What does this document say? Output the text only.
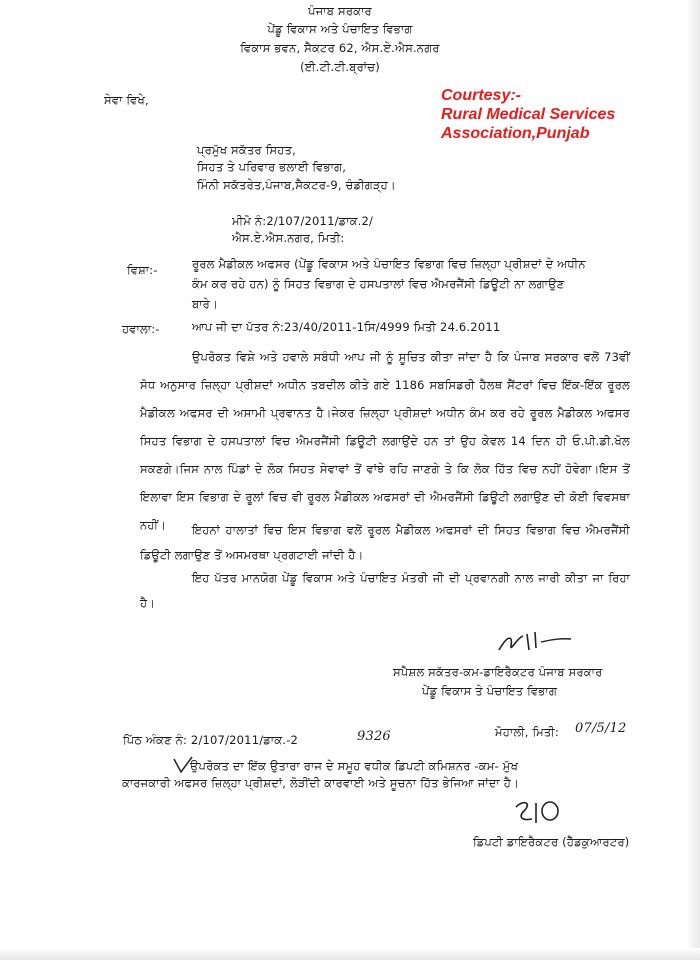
ਪੰਜਾਬ ਸਰਕਾਰ
ਪੇਂਡੂ ਵਿਕਾਸ ਅਤੇ ਪੰਚਾਇਤ ਵਿਭਾਗ
ਵਿਕਾਸ ਭਵਨ, ਸੈਕਟਰ 62, ਐਸ.ਏ.ਐਸ.ਨਗਰ
(ਈ.ਟੀ.ਟੀ.ਬ੍ਰਾਂਚ)
Courtesy:-
Rural Medical Services
Association,Punjab
ਸੇਵਾ ਵਿਖੇ,
ਪ੍ਰਮੁੱਖ ਸਕੱਤਰ ਸਿਹਤ,
ਸਿਹਤ ਤੇ ਪਰਿਵਾਰ ਭਲਾਈ ਵਿਭਾਗ,
ਮਿੰਨੀ ਸਕੱਤਰੇਤ,ਪੰਜਾਬ,ਸੈਕਟਰ-9, ਚੰਡੀਗੜ੍ਹ।
ਮੀਮੋ ਨੰ:2/107/2011/ਡਾਕ.2/
ਐਸ.ਏ.ਐਸ.ਨਗਰ, ਮਿਤੀ:
ਵਿਸ਼ਾ:-	ਰੂਰਲ ਮੈਡੀਕਲ ਅਫਸਰ (ਪੇਂਡੂ ਵਿਕਾਸ ਅਤੇ ਪੰਚਾਇਤ ਵਿਭਾਗ ਵਿਚ ਜ਼ਿਲ੍ਹਾ ਪ੍ਰੀਸ਼ਦਾਂ ਦੇ ਅਧੀਨ
ਕੰਮ ਕਰ ਰਹੇ ਹਨ) ਨੂੰ ਸਿਹਤ ਵਿਭਾਗ ਦੇ ਹਸਪਤਾਲਾਂ ਵਿਚ ਐਮਰਜੈਂਸੀ ਡਿਊਟੀ ਨਾ ਲਗਾਉਣ
ਬਾਰੇ।
ਹਵਾਲਾ:-	ਆਪ ਜੀ ਦਾ ਪੱਤਰ ਨੰ:23/40/2011-1ਸਿ/4999 ਮਿਤੀ 24.6.2011
ਉਪਰੋਕਤ ਵਿਸ਼ੇ ਅਤੇ ਹਵਾਲੇ ਸਬੰਧੀ ਆਪ ਜੀ ਨੂੰ ਸੂਚਿਤ ਕੀਤਾ ਜਾਂਦਾ ਹੈ ਕਿ ਪੰਜਾਬ ਸਰਕਾਰ ਵਲੋਂ 73ਵੀਂ ਸੋਧ ਅਨੁਸਾਰ ਜ਼ਿਲ੍ਹਾ ਪ੍ਰੀਸ਼ਦਾਂ ਅਧੀਨ ਤਬਦੀਲ ਕੀਤੇ ਗਏ 1186 ਸਬਸਿਡਰੀ ਹੈਲਥ ਸੈਂਟਰਾਂ ਵਿਚ ਇੱਕ-ਇੱਕ ਰੂਰਲ ਮੈਡੀਕਲ ਅਫਸਰ ਦੀ ਅਸਾਮੀ ਪ੍ਰਵਾਨਤ ਹੈ।ਜੇਕਰ ਜ਼ਿਲ੍ਹਾ ਪ੍ਰੀਸ਼ਦਾਂ ਅਧੀਨ ਕੰਮ ਕਰ ਰਹੇ ਰੂਰਲ ਮੈਡੀਕਲ ਅਫਸਰ ਸਿਹਤ ਵਿਭਾਗ ਦੇ ਹਸਪਤਾਲਾਂ ਵਿਚ ਐਮਰਜੈਂਸੀ ਡਿਊਟੀ ਲਗਾਉਂਦੇ ਹਨ ਤਾਂ ਉਹ ਕੇਵਲ 14 ਦਿਨ ਹੀ ਓ.ਪੀ.ਡੀ.ਖੋਲ ਸਕਣਗੇ।ਜਿਸ ਨਾਲ ਪਿੰਡਾਂ ਦੇ ਲੋਕ ਸਿਹਤ ਸੇਵਾਵਾਂ ਤੋਂ ਵਾਂਝੇ ਰਹਿ ਜਾਣਗੇ ਤੇ ਕਿ ਲੋਕ ਹਿੱਤ ਵਿਚ ਨਹੀਂ ਹੋਵੇਗਾ।ਇਸ ਤੋਂ ਇਲਾਵਾ ਇਸ ਵਿਭਾਗ ਦੇ ਰੂਲਾਂ ਵਿਚ ਵੀ ਰੂਰਲ ਮੈਡੀਕਲ ਅਫਸਰਾਂ ਦੀ ਐਮਰਜੈਂਸੀ ਡਿਊਟੀ ਲਗਾਉਣ ਦੀ ਕੋਈ ਵਿਵਸਥਾ ਨਹੀਂ।	ਇਹਨਾਂ ਹਾਲਾਤਾਂ ਵਿਚ ਇਸ ਵਿਭਾਗ ਵਲੋਂ ਰੂਰਲ ਮੈਡੀਕਲ ਅਫਸਰਾਂ ਦੀ ਸਿਹਤ ਵਿਭਾਗ ਵਿਚ ਐਮਰਜੈਂਸੀ ਡਿਊਟੀ ਲਗਾਉਣ ਤੋਂ ਅਸਮਰਥਾ ਪ੍ਰਗਟਾਈ ਜਾਂਦੀ ਹੈ।
ਇਹ ਪੱਤਰ ਮਾਨਯੋਗ ਪੇਂਡੂ ਵਿਕਾਸ ਅਤੇ ਪੰਚਾਇਤ ਮੰਤਰੀ ਜੀ ਦੀ ਪ੍ਰਵਾਨਗੀ ਨਾਲ ਜਾਰੀ ਕੀਤਾ ਜਾ ਰਿਹਾ ਹੈ।
ਸਪੈਸ਼ਲ ਸਕੱਤਰ-ਕਮ-ਡਾਇਰੈਕਟਰ ਪੰਜਾਬ ਸਰਕਾਰ
ਪੇਂਡੂ ਵਿਕਾਸ ਤੇ ਪੰਚਾਇਤ ਵਿਭਾਗ
ਪਿੱਠ ਅੰਕਣ ਨੰ: 2/107/2011/ਡਾਕ.-2	9326	ਮੋਹਾਲੀ, ਮਿਤੀ: 07/5/12
ਉਪਰੋਕਤ ਦਾ ਇੱਕ ਉਤਾਰਾ ਰਾਜ ਦੇ ਸਮੂਹ ਵਧੀਕ ਡਿਪਟੀ ਕਮਿਸ਼ਨਰ -ਕਮ- ਮੁੱਖ
ਕਾਰਜਕਾਰੀ ਅਫਸਰ ਜ਼ਿਲ੍ਹਾ ਪ੍ਰੀਸ਼ਦਾਂ, ਲੋੜੀਂਦੀ ਕਾਰਵਾਈ ਅਤੇ ਸੂਚਨਾ ਹਿੱਤ ਭੇਜਿਆ ਜਾਂਦਾ ਹੈ।
ਡਿਪਟੀ ਡਾਇਰੈਕਟਰ (ਹੈੱਡਕੁਆਰਟਰ)
